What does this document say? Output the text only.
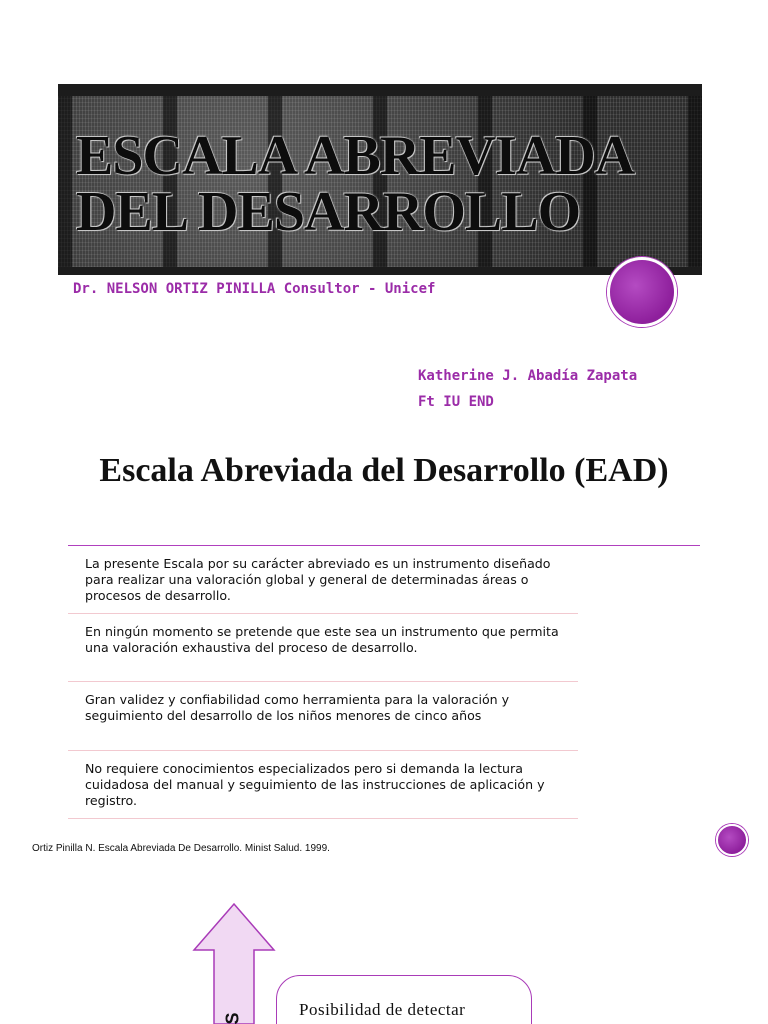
ESCALA ABREVIADA
DEL DESARROLLO
Dr. NELSON ORTIZ PINILLA Consultor - Unicef
Katherine J. Abadía Zapata
Ft IU END
Escala Abreviada del Desarrollo (EAD)
La presente Escala por su carácter abreviado es un instrumento diseñado para realizar una valoración global y general de determinadas áreas o procesos de desarrollo.
En ningún momento se pretende que este sea un instrumento que permita una valoración exhaustiva del proceso de desarrollo.
Gran validez y confiabilidad como herramienta para la valoración y seguimiento del desarrollo de los niños menores de cinco años
No requiere conocimientos especializados pero si demanda la lectura cuidadosa del manual y seguimiento de las instrucciones de aplicación y registro.
Ortiz Pinilla N. Escala Abreviada De Desarrollo. Minist Salud. 1999.
S	Posibilidad de detectar
